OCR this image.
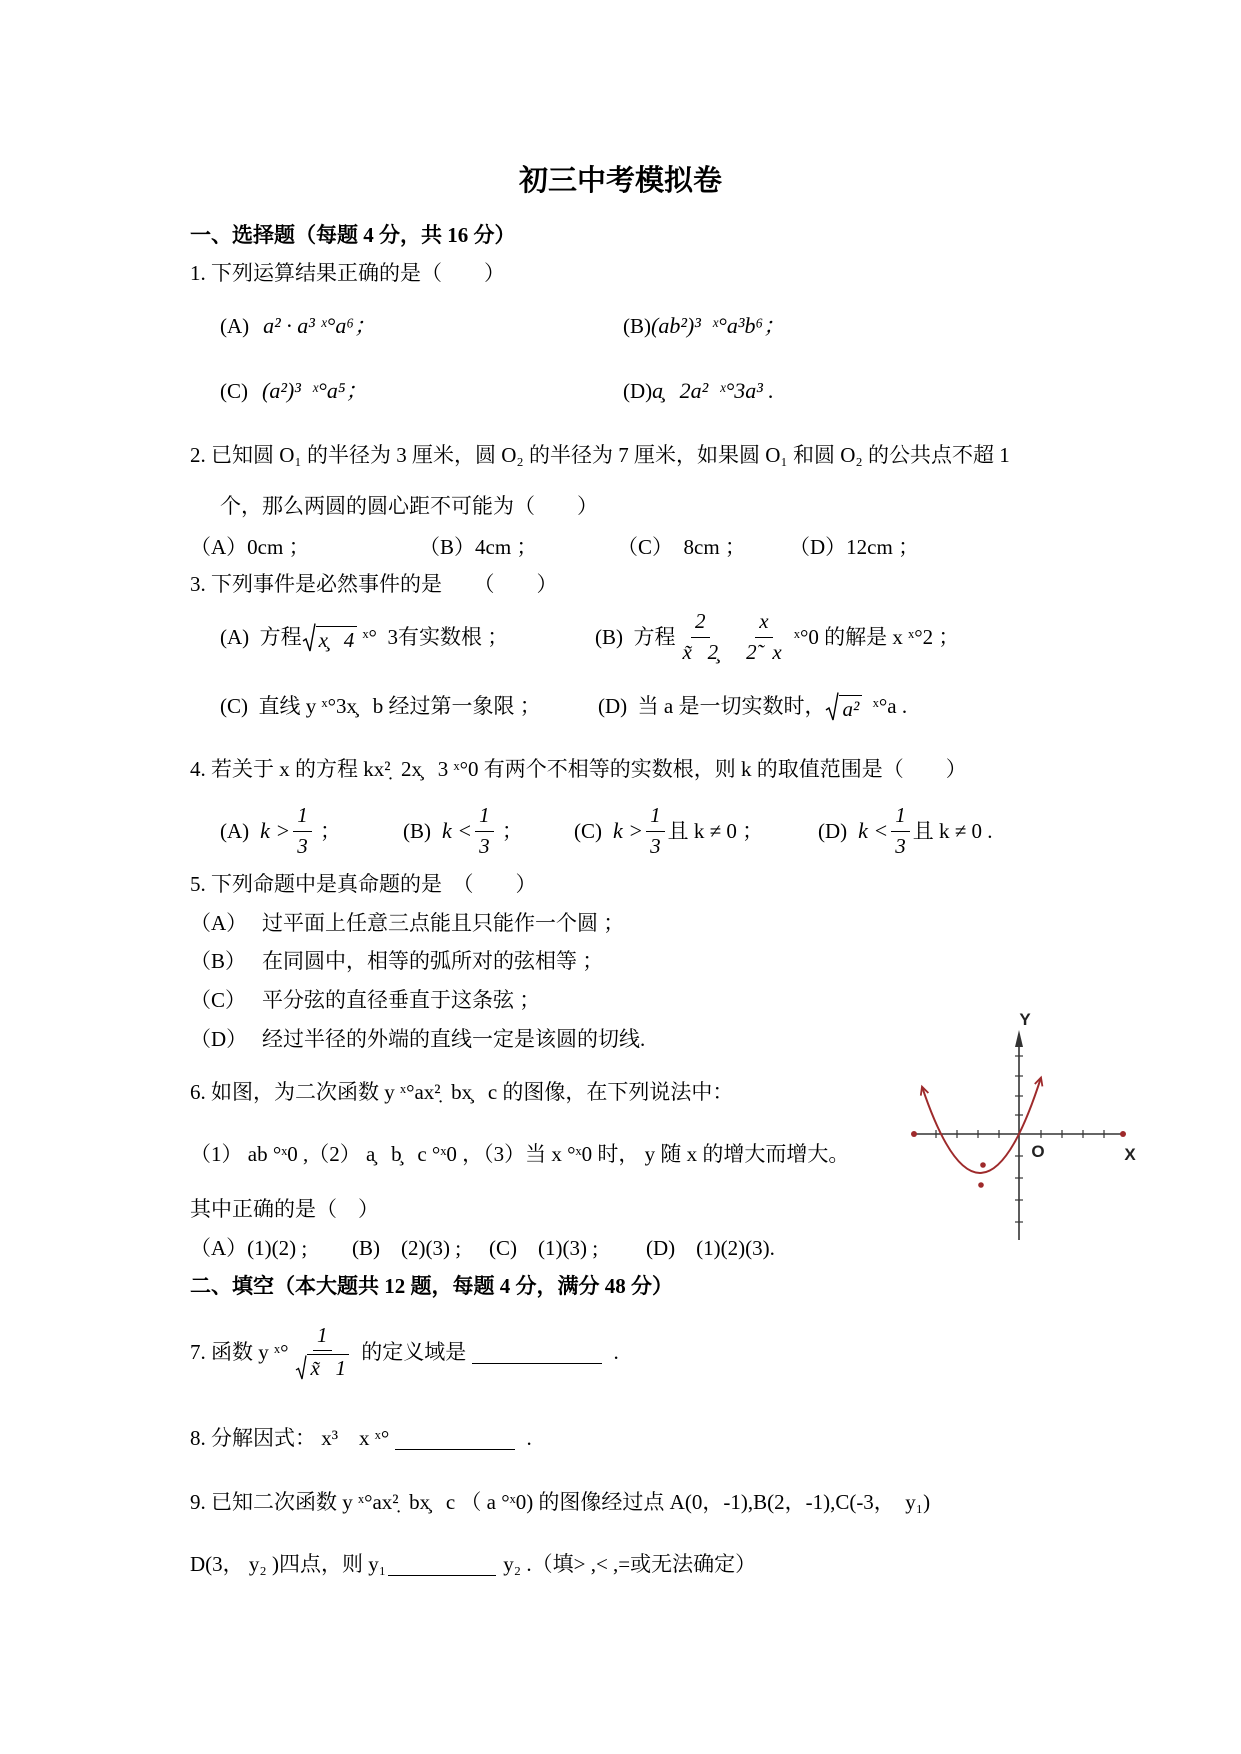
初三中考模拟卷
一、选择题（每题 4 分，共 16 分）
1. 下列运算结果正确的是（　　）
(A) a² · a³ ˣ°a⁶；	(B) (ab²)³  ˣ°a³b⁶；
(C) (a²)³  ˣ°a⁵；	(D) a̧   2a²  ˣ°3a³ .
2. 已知圆 O₁ 的半径为 3 厘米，圆 O₂ 的半径为 7 厘米，如果圆 O₁ 和圆 O₂ 的公共点不超 1
个，那么两圆的圆心距不可能为（　　）
（A）0cm ；	（B）4cm ；	（C）　8cm ； （D）12cm ；
3. 下列事件是必然事件的是　　（　　）
(A) 方程 x̧   4 ˣ°  3有实数根 ；	(B) 方程 $\frac{2}{x̃ 2̧} \frac{x}{2̃ x}$ ˣ°0 的解是 x ˣ°2 ；
(C) 直线 y ˣ°3x̧   b 经过第一象限 ；	(D) 当 a 是一切实数时， a² ˣ°a .
4. 若关于 x 的方程 kx²̣  2x̧   3 ˣ°0 有两个不相等的实数根，则 k 的取值范围是（　　）
(A) $k > \frac{1}{3}$ ；	(B) $k < \frac{1}{3}$ ； (C) $k > \frac{1}{3}$ 且 k ≠ 0 ；	(D) $k < \frac{1}{3}$ 且 k ≠ 0 .
5. 下列命题中是真命题的是　（　　）
（A） 过平面上任意三点能且只能作一个圆 ；
（B） 在同圆中，相等的弧所对的弦相等 ；
（C） 平分弦的直径垂直于这条弦 ；
（D） 经过半径的外端的直线一定是该圆的切线.
6. 如图，为二次函数 y ˣ°ax²̣  bx̧   c 的图像，在下列说法中：
（1） ab °ˣ0 ,（2） a̧   b̧   c °ˣ0 ，（3）当 x °ˣ0 时， y 随 x 的增大而增大。
其中正确的是（　）
（A）(1)(2) ; (B)　(2)(3) ; (C)　(1)(3) ; (D)　(1)(2)(3).
Y
O	X
二、填空（本大题共 12 题，每题 4 分，满分 48 分）
7. 函数 y ˣ° $\frac{1}{x̃ 1}$ 的定义域是	.
8. 分解因式： x³　x ˣ°	.
9. 已知二次函数 y ˣ°ax²̣  bx̧   c （ a °ˣ0) 的图像经过点 A(0，-1),B(2，-1),C(-3，  y₁)
D(3， y₂ )四点，则 y₁	y₂ .（填> ,< ,=或无法确定）
